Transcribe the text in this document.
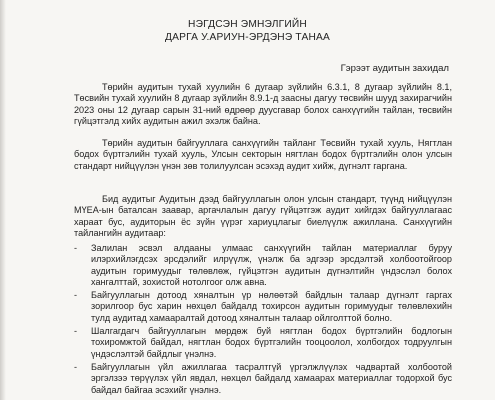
НЭГДСЭН ЭМНЭЛГИЙН
ДАРГА У.АРИУН-ЭРДЭНЭ ТАНАА
Гэрээт аудитын захидал

Төрийн аудитын тухай хуулийн 6 дугаар зүйлийн 6.3.1, 8 дугаар зүйлийн 8.1, Төсвийн тухай хуулийн 8 дугаар зүйлийн 8.9.1-д заасны дагуу төсвийн шууд захирагчийн 2023 оны 12 дугаар сарын 31-ний өдрөөр дуусгавар болох санхүүгийн тайлан, төсвийн гүйцэтгэлд хийх аудитын ажил эхэлж байна.

Төрийн аудитын байгууллага санхүүгийн тайланг Төсвийн тухай хууль, Нягтлан бодох бүртгэлийн тухай хууль, Улсын секторын нягтлан бодох бүртгэлийн олон улсын стандарт нийцүүлэн үнэн зөв толилуулсан эсэхэд аудит хийж, дүгнэлт гаргана.

Бид аудитыг Аудитын дээд байгууллагын олон улсын стандарт, түүнд нийцүүлэн МҮЕА-ын баталсан заавар, аргачлалын дагуу гүйцэтгэж аудит хийгдэх байгууллагаас хараат бус, аудиторын ёс зүйн үүрэг хариуцлагыг биелүүлж ажиллана. Санхүүгийн тайлангийн аудитаар:

- Залилан эсвэл алдааны улмаас санхүүгийн тайлан материаллаг буруу илэрхийлэгдсэх эрсдэлийг илрүүлж, үнэлж ба эдгээр эрсдэлтэй холбоотойгоор аудитын горимуудыг төлөвлөж, гүйцэтгэн аудитын дүгнэлтийн үндэслэл болох хангалттай, зохистой нотолгоог олж авна.
- Байгууллагын дотоод хяналтын үр нөлөөтэй байдлын талаар дүгнэлт гаргах зорилгоор бус харин нөхцөл байдалд тохирсон аудитын горимуудыг төлөвлөхийн тулд аудитад хамааралтай дотоод хяналтын талаар ойлголттой болно.
- Шалгагдагч байгууллагын мөрдөж буй нягтлан бодох бүртгэлийн бодлогын тохиромжтой байдал, нягтлан бодох бүртгэлийн тооцоолол, холбогдох тодруулгын үндэслэлтэй байдлыг үнэлнэ.
- Байгууллагын үйл ажиллагаа тасралтгүй үргэлжлүүлэх чадвартай холбоотой эргэлзээ төрүүлэх үйл явдал, нөхцөл байдалд хамаарах материаллаг тодорхой бус байдал байгаа эсэхийг үнэлнэ.
